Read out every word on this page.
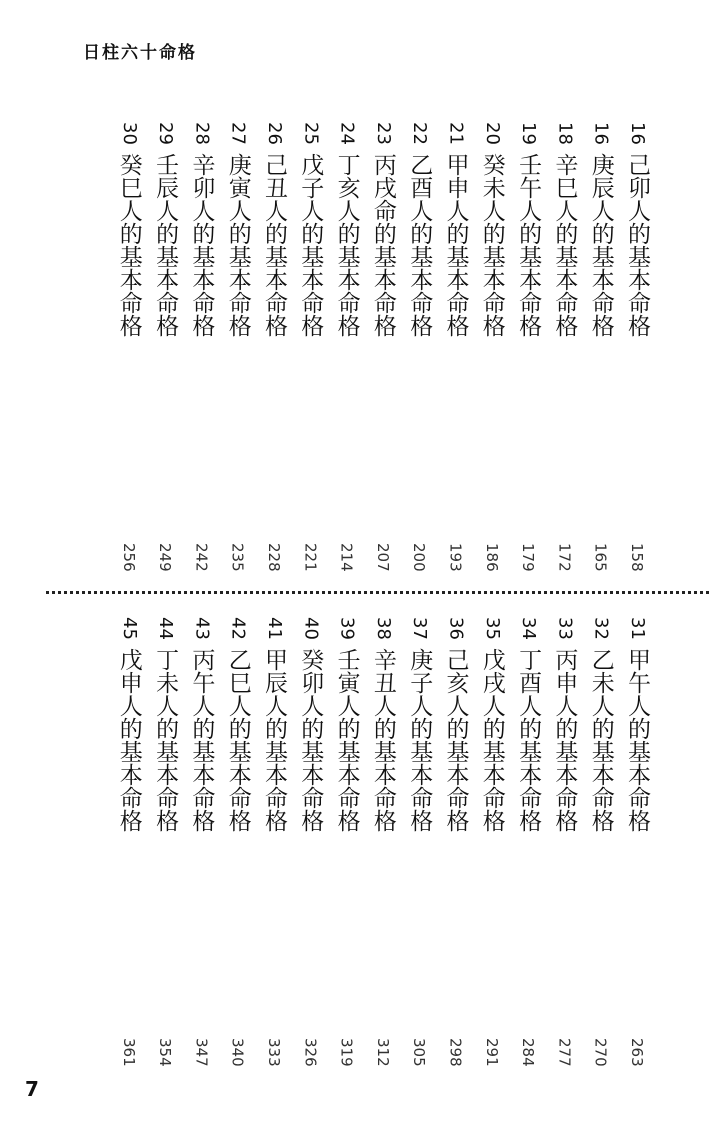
日柱六十命格
16己卯人的基本命格
158
16庚辰人的基本命格
165
18辛巳人的基本命格
172
19壬午人的基本命格
179
20癸未人的基本命格
186
21甲申人的基本命格
193
22乙酉人的基本命格
200
23丙戌命的基本命格
207
24丁亥人的基本命格
214
25戊子人的基本命格
221
26己丑人的基本命格
228
27庚寅人的基本命格
235
28辛卯人的基本命格
242
29壬辰人的基本命格
249
30癸巳人的基本命格
256
31甲午人的基本命格
263
32乙未人的基本命格
270
33丙申人的基本命格
277
34丁酉人的基本命格
284
35戊戌人的基本命格
291
36己亥人的基本命格
298
37庚子人的基本命格
305
38辛丑人的基本命格
312
39壬寅人的基本命格
319
40癸卯人的基本命格
326
41甲辰人的基本命格
333
42乙巳人的基本命格
340
43丙午人的基本命格
347
44丁未人的基本命格
354
45戊申人的基本命格
361
7
